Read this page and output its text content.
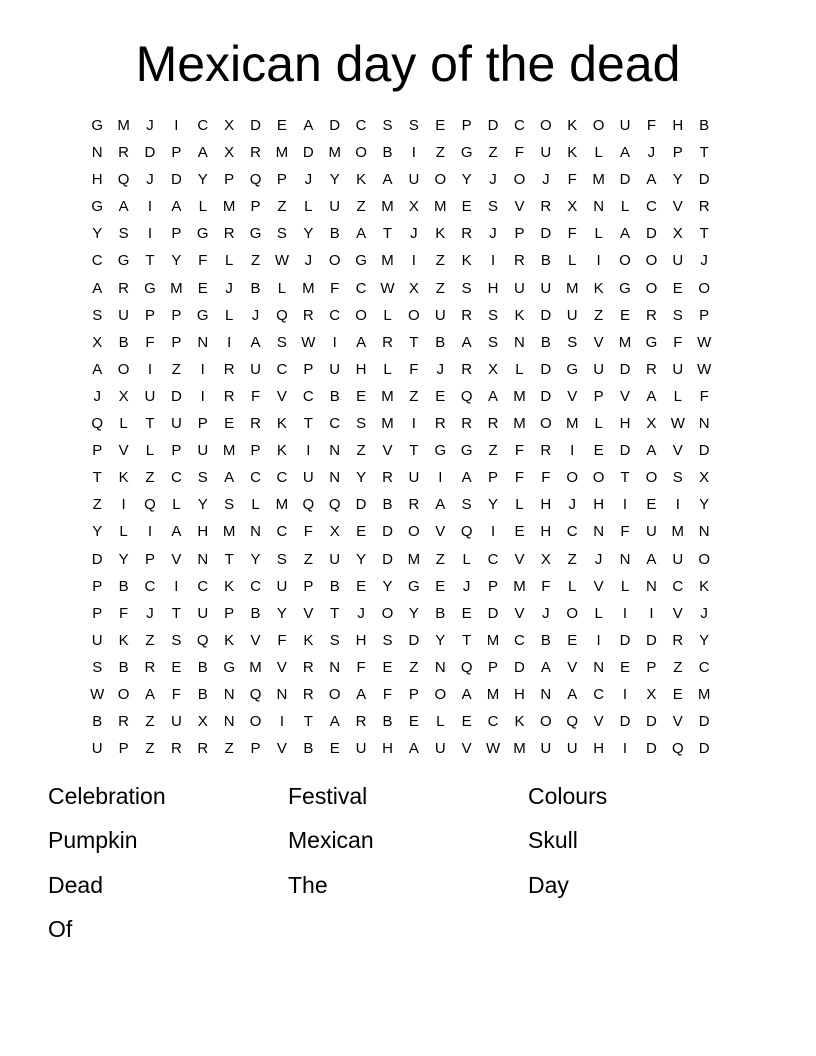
Mexican day of the dead
G M	J	I	C	X	D	E	A	D	C	S	S	E	P	D	C	O	K	O	U	F	H	B
N	R	D	P	A	X	R M D M O	B	I	Z	G	Z	F	U	K	L	A	J	P	T
H	Q	J	D	Y	P	Q	P	J	Y	K	A	U	O	Y	J	O	J	F	M D	A	Y	D
G	A	I	A	L	M	P	Z	L	U	Z	M	X	M	E	S	V	R	X	N	L	C	V	R
Y	S	I	P	G	R	G	S	Y	B	A	T	J	K	R	J	P	D	F	L	A	D	X	T
C	G	T	Y	F	L	Z W	J	O G M	I	Z	K	I	R	B	L	I	O O	U	J
A	R	G M	E	J	B	L	M	F	C W X	Z	S	H	U	U M	K	G O	E	O
S	U	P	P	G	L	J	Q	R	C	O	L	O	U	R	S	K	D	U	Z	E	R	S	P
X	B	F	P	N	I	A	S W	I	A	R	T	B	A	S	N	B	S	V	M G	F W
A	O	I	Z	I	R	U	C	P	U	H	L	F	J	R	X	L	D	G	U	D	R	U W
J	X	U	D	I	R	F	V	C	B	E	M	Z	E	Q	A	M D	V	P	V	A	L	F
Q	L	T	U	P	E	R	K	T	C	S	M	I	R	R	R M O M	L	H	X W N
P	V	L	P	U M	P	K	I	N	Z	V	T	G G	Z	F	R	I	E	D	A	V	D
T	K	Z	C	S	A	C	C	U	N	Y	R	U	I	A	P	F	F	O O	T	O	S	X
Z	I	Q	L	Y	S	L	M Q Q	D	B	R	A	S	Y	L	H	J	H	I	E	I	Y
Y	L	I	A	H M N	C	F	X	E	D	O	V	Q	I	E	H	C	N	F	U M N
D	Y	P	V	N	T	Y	S	Z	U	Y	D M	Z	L	C	V	X	Z	J	N	A	U	O
P	B	C	I	C	K	C	U	P	B	E	Y	G	E	J	P	M	F	L	V	L	N	C	K
P	F	J	T	U	P	B	Y	V	T	J	O	Y	B	E	D	V	J	O	L	I	I	V	J
U	K	Z	S	Q	K	V	F	K	S	H	S	D	Y	T	M C	B	E	I	D	D	R	Y
S	B	R	E	B	G M	V	R	N	F	E	Z	N	Q	P	D	A	V	N	E	P	Z	C
W O	A	F	B	N	Q	N	R	O	A	F	P	O	A	M H	N	A	C	I	X	E	M
B	R	Z	U	X	N	O	I	T	A	R	B	E	L	E	C	K	O Q	V	D	D	V	D
U	P	Z	R	R	Z	P	V	B	E	U	H	A	U	V W M U	U	H	I	D	Q	D
Celebration	Festival	Colours
Pumpkin	Mexican	Skull
Dead	The	Day
Of
